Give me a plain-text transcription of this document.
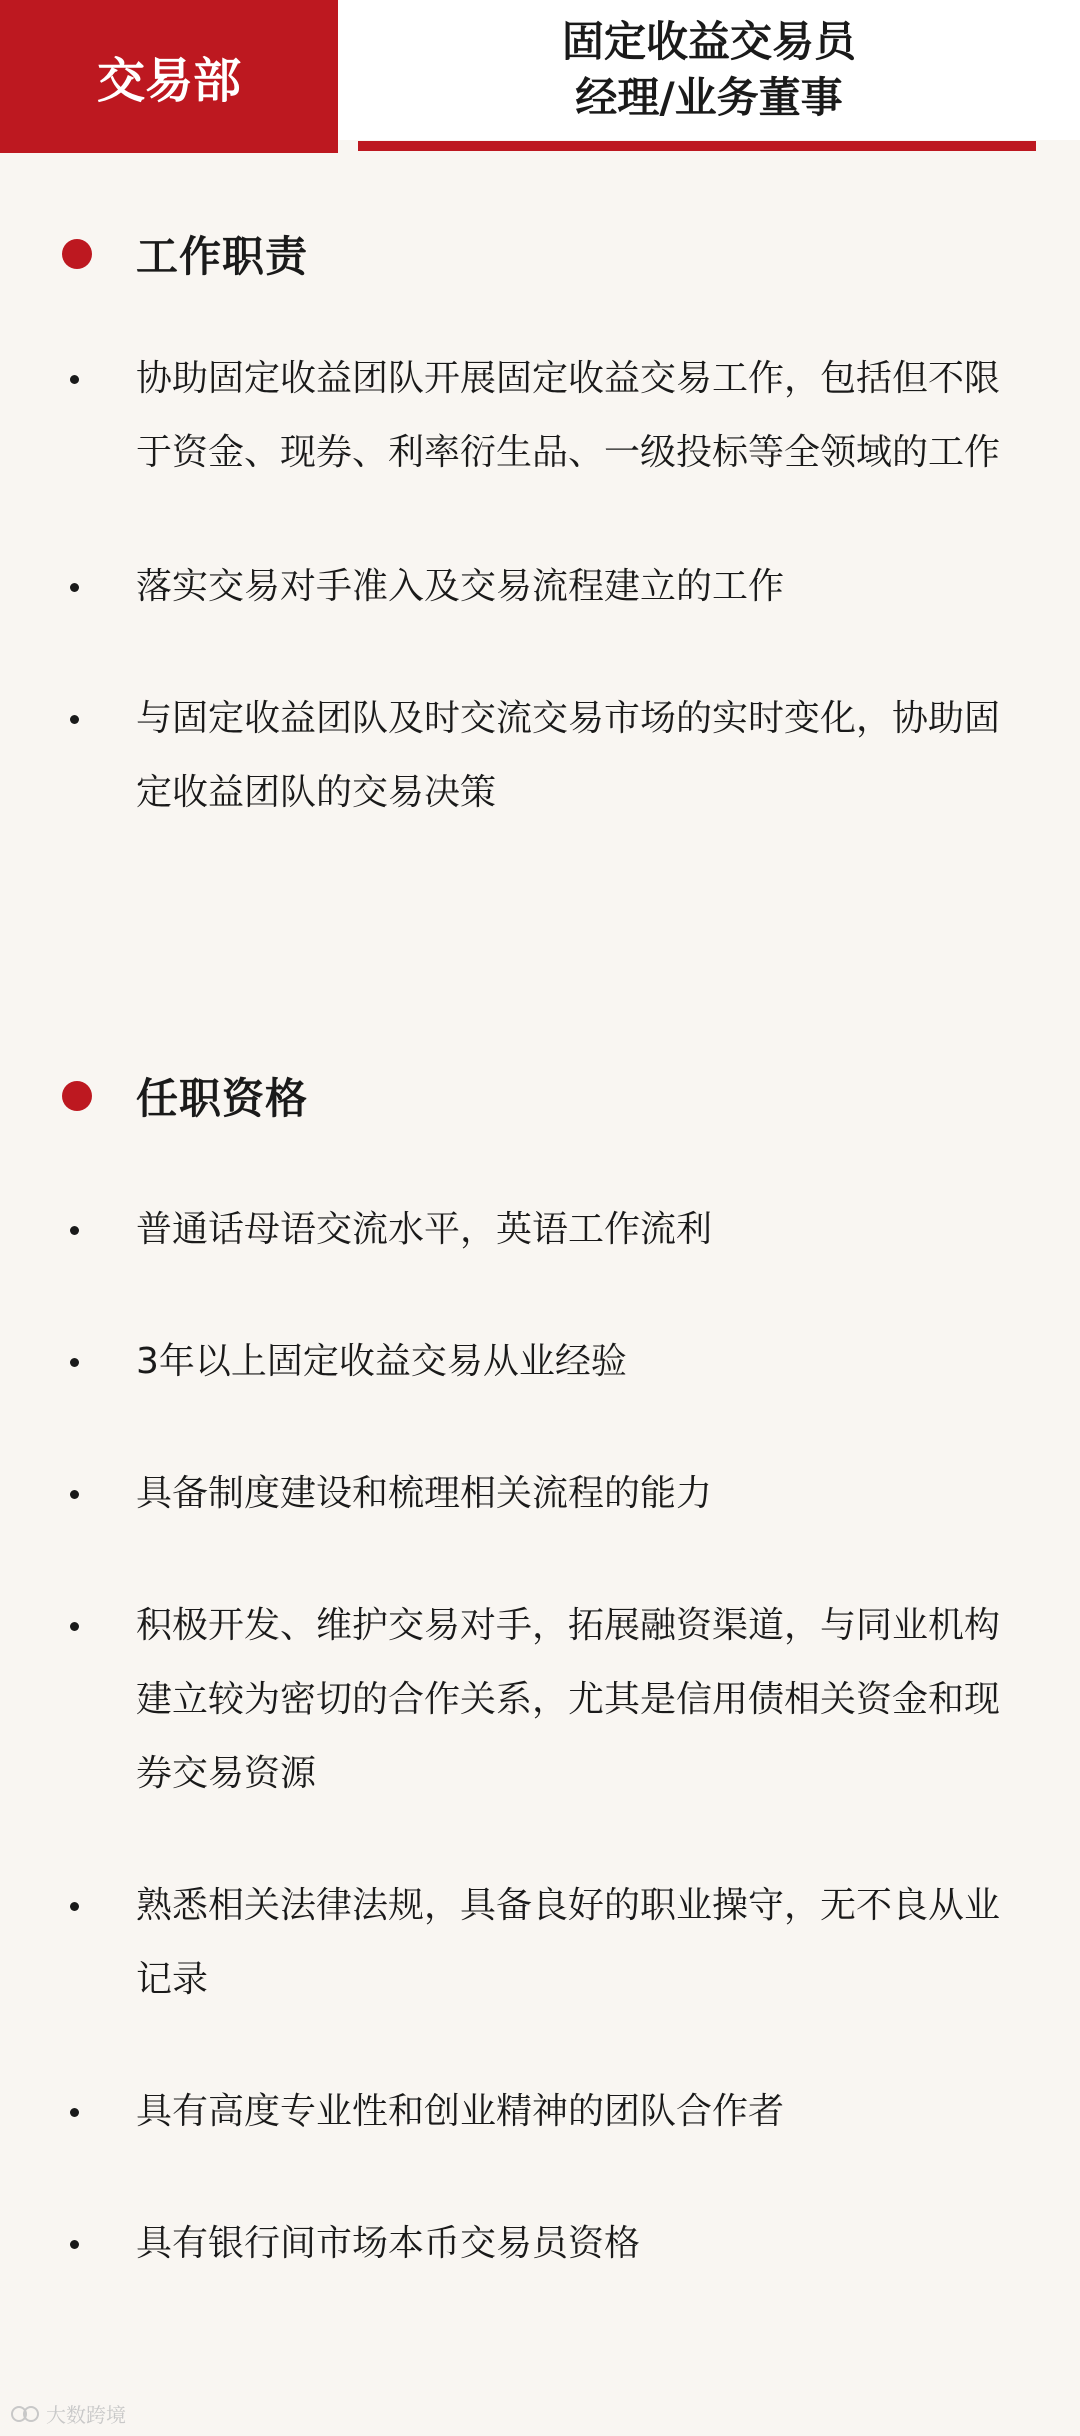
交易部
固定收益交易员
经理/业务董事
工作职责
协助固定收益团队开展固定收益交易工作，包括但不限于资金、现券、利率衍生品、一级投标等全领域的工作
落实交易对手准入及交易流程建立的工作
与固定收益团队及时交流交易市场的实时变化，协助固定收益团队的交易决策
任职资格
普通话母语交流水平，英语工作流利
3年以上固定收益交易从业经验
具备制度建设和梳理相关流程的能力
积极开发、维护交易对手，拓展融资渠道，与同业机构建立较为密切的合作关系，尤其是信用债相关资金和现券交易资源
熟悉相关法律法规，具备良好的职业操守，无不良从业记录
具有高度专业性和创业精神的团队合作者
具有银行间市场本币交易员资格
大数跨境
